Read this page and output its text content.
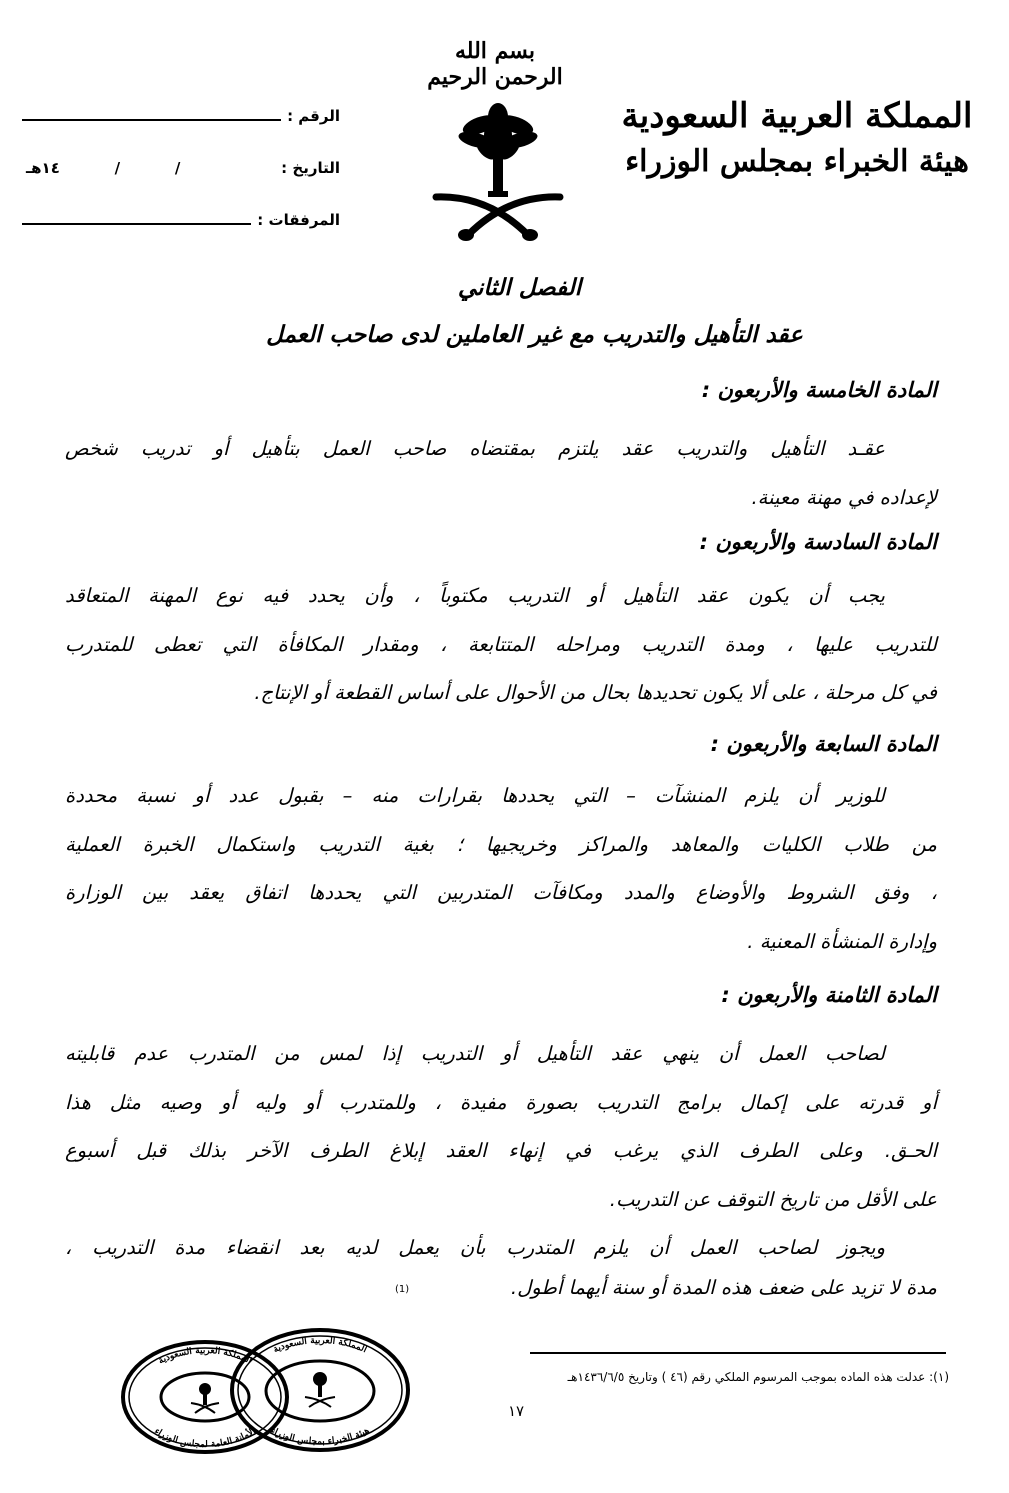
بسم الله الرحمن الرحيم
المملكة العربية السعودية
هيئة الخبراء بمجلس الوزراء
الرقم :
التاريخ :
/
/
١٤هـ
المرفقات :
الفصل الثاني
عقد التأهيل والتدريب مع غير العاملين لدى صاحب العمل
المادة الخامسة والأربعون :
عقـد التأهيل والتدريب عقد يلتزم بمقتضاه صاحب العمل بتأهيل أو تدريب شخص
لإعداده في مهنة معينة.
المادة السادسة والأربعون :
يجب أن يكون عقد التأهيل أو التدريب مكتوباً ، وأن يحدد فيه نوع المهنة المتعاقد
للتدريب عليها ، ومدة التدريب ومراحله المتتابعة ، ومقدار المكافأة التي تعطى للمتدرب
في كل مرحلة ، على ألا يكون تحديدها بحال من الأحوال على أساس القطعة أو الإنتاج.
المادة السابعة والأربعون :
للوزير أن يلزم المنشآت – التي يحددها بقرارات منه – بقبول عدد أو نسبة محددة
من طلاب الكليات والمعاهد والمراكز وخريجيها ؛ بغية التدريب واستكمال الخبرة العملية
، وفق الشروط والأوضاع والمدد ومكافآت المتدربين التي يحددها اتفاق يعقد بين الوزارة
وإدارة المنشأة المعنية .
المادة الثامنة والأربعون :
لصاحب العمل أن ينهي عقد التأهيل أو التدريب إذا لمس من المتدرب عدم قابليته
أو قدرته على إكمال برامج التدريب بصورة مفيدة ، وللمتدرب أو وليه أو وصيه مثل هذا
الحـق. وعلى الطرف الذي يرغب في إنهاء العقد إبلاغ الطرف الآخر بذلك قبل أسبوع
على الأقل من تاريخ التوقف عن التدريب.
ويجوز لصاحب العمل أن يلزم المتدرب بأن يعمل لديه بعد انقضاء مدة التدريب ،
مدة لا تزيد على ضعف هذه المدة أو سنة أيهما أطول.
(1)
(١): عدلت هذه الماده بموجب المرسوم الملكي رقم (٤٦ ) وتاريخ ١٤٣٦/٦/٥هـ
١٧
المملكة العربية السعودية
الأمانة العامة لمجلس الوزراء
المملكة العربية السعودية
هيئة الخبراء بمجلس الوزراء
